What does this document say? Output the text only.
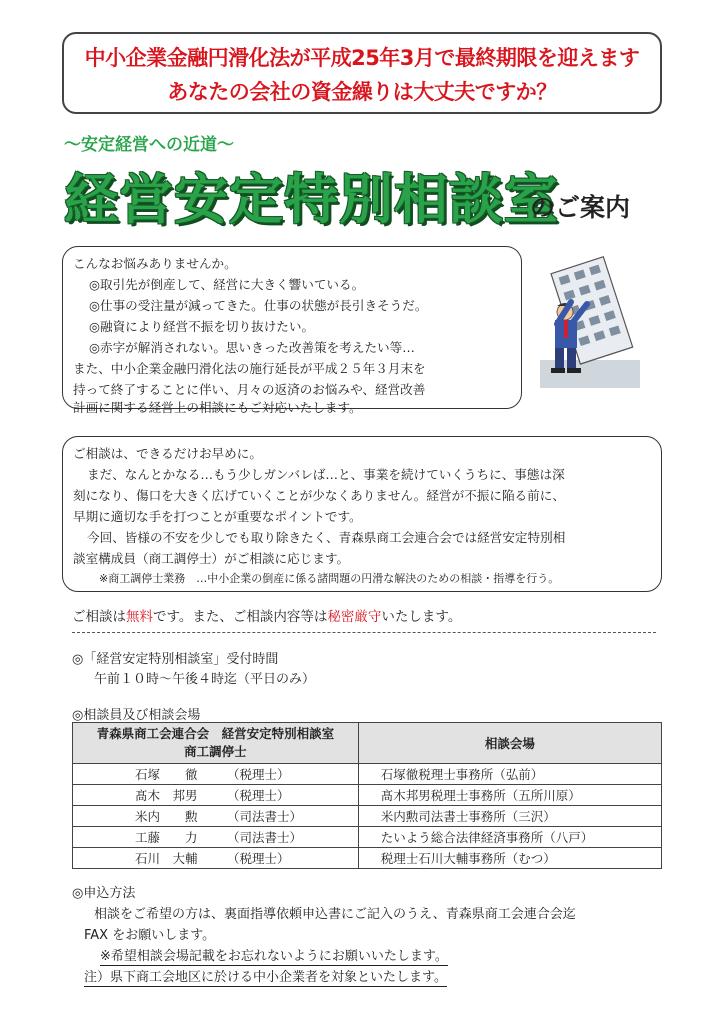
中小企業金融円滑化法が平成25年3月で最終期限を迎えます
あなたの会社の資金繰りは大丈夫ですか？
～安定経営への近道～
経営安定特別相談室
のご案内
こんなお悩みありませんか。
◎取引先が倒産して、経営に大きく響いている。
◎仕事の受注量が減ってきた。仕事の状態が長引きそうだ。
◎融資により経営不振を切り抜けたい。
◎赤字が解消されない。思いきった改善策を考えたい等…
また、中小企業金融円滑化法の施行延長が平成２５年３月末を
持って終了することに伴い、月々の返済のお悩みや、経営改善
計画に関する経営上の相談にもご対応いたします。
ご相談は、できるだけお早めに。
まだ、なんとかなる…もう少しガンバレば…と、事業を続けていくうちに、事態は深
刻になり、傷口を大きく広げていくことが少なくありません。経営が不振に陥る前に、
早期に適切な手を打つことが重要なポイントです。
今回、皆様の不安を少しでも取り除きたく、青森県商工会連合会では経営安定特別相
談室構成員（商工調停士）がご相談に応じます。
※商工調停士業務　…中小企業の倒産に係る諸問題の円滑な解決のための相談・指導を行う。
ご相談は無料です。また、ご相談内容等は秘密厳守いたします。
◎「経営安定特別相談室」受付時間
午前１０時～午後４時迄（平日のみ）
◎相談員及び相談会場
青森県商工会連合会　経営安定特別相談室
商工調停士	相談会場
石塚　　徹 （税理士）	石塚徹税理士事務所（弘前）
髙木　邦男 （税理士）	髙木邦男税理士事務所（五所川原）
米内　　勲 （司法書士）	米内勲司法書士事務所（三沢）
工藤　　力 （司法書士）	たいよう総合法律経済事務所（八戸）
石川　大輔 （税理士）	税理士石川大輔事務所（むつ）
◎申込方法
相談をご希望の方は、裏面指導依頼申込書にご記入のうえ、青森県商工会連合会迄
FAX をお願いします。
※希望相談会場記載をお忘れないようにお願いいたします。
注）県下商工会地区に於ける中小企業者を対象といたします。
